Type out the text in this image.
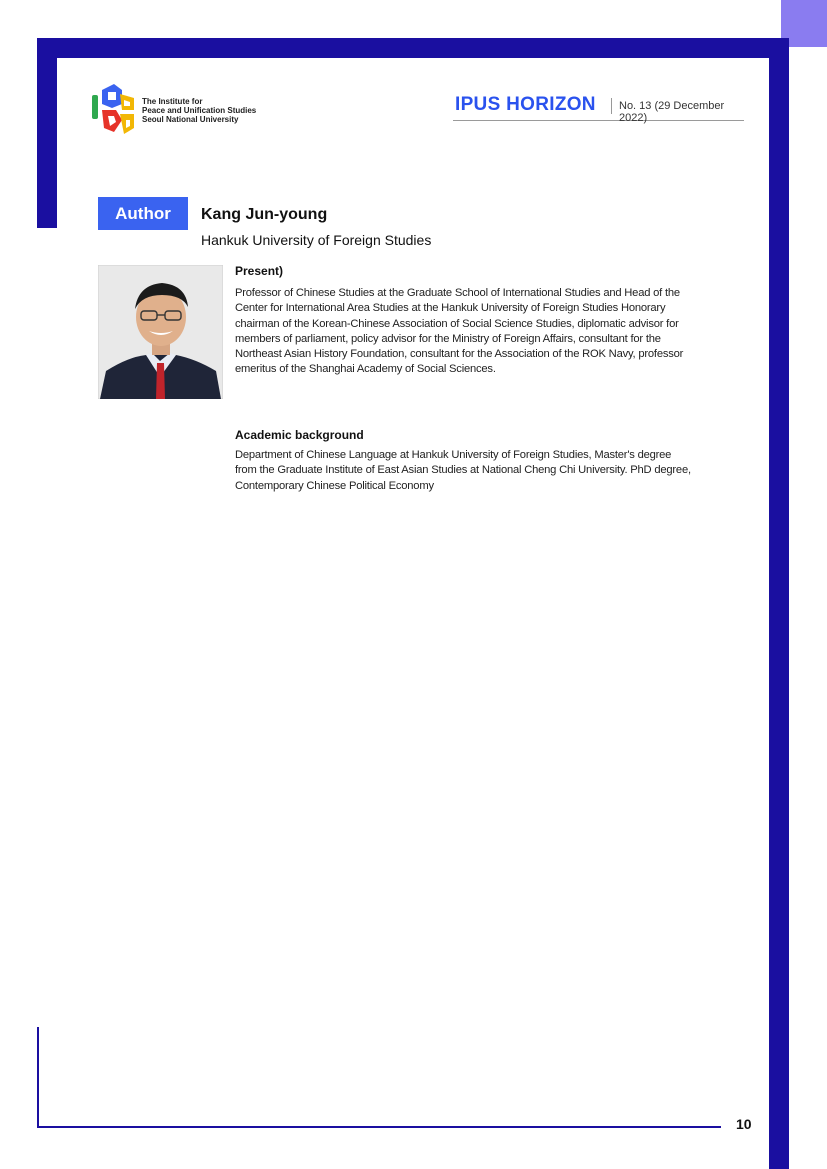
10
The Institute for
Peace and Unification Studies
Seoul National University
IPUS HORIZON No. 13 (29 December 2022)
Author	Kang Jun-young
Hankuk University of Foreign Studies
Present)
Professor of Chinese Studies at the Graduate School of International Studies and Head of the
Center for International Area Studies at the Hankuk University of Foreign Studies Honorary
chairman of the Korean-Chinese Association of Social Science Studies, diplomatic advisor for
members of parliament, policy advisor for the Ministry of Foreign Affairs, consultant for the
Northeast Asian History Foundation, consultant for the Association of the ROK Navy, professor
emeritus of the Shanghai Academy of Social Sciences.
Academic background
Department of Chinese Language at Hankuk University of Foreign Studies, Master's degree
from the Graduate Institute of East Asian Studies at National Cheng Chi University. PhD degree,
Contemporary Chinese Political Economy
